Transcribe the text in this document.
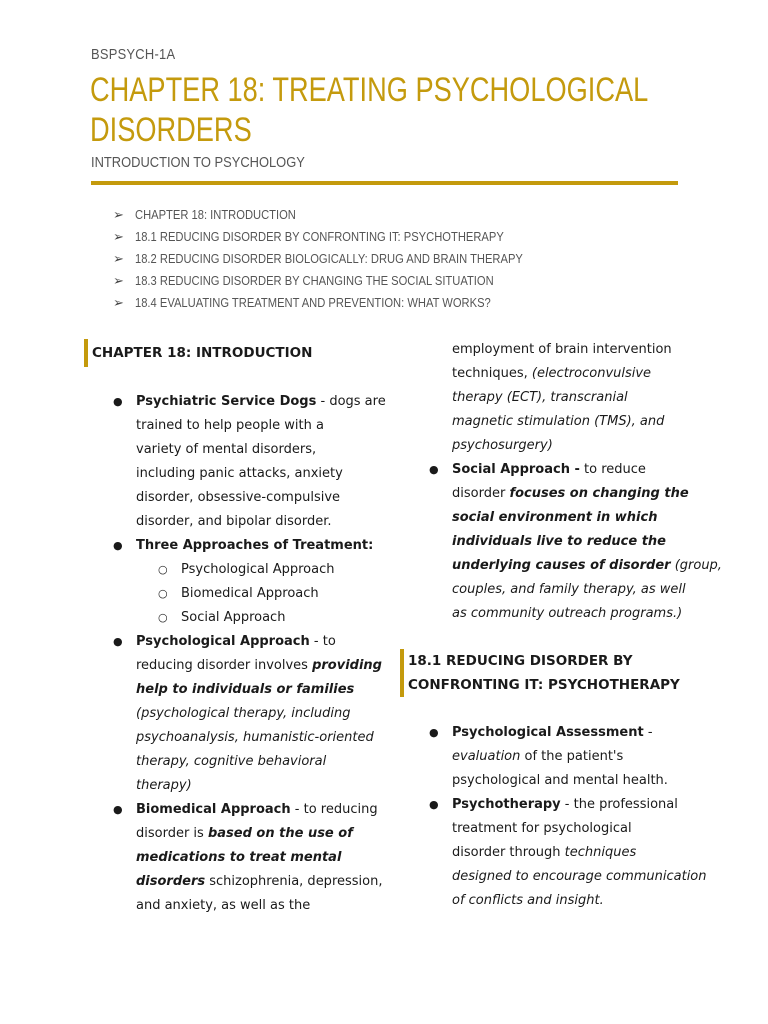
BSPSYCH-1A
CHAPTER 18: TREATING PSYCHOLOGICAL
DISORDERS
INTRODUCTION TO PSYCHOLOGY
➢ CHAPTER 18: INTRODUCTION
➢ 18.1 REDUCING DISORDER BY CONFRONTING IT: PSYCHOTHERAPY
➢ 18.2 REDUCING DISORDER BIOLOGICALLY: DRUG AND BRAIN THERAPY
➢ 18.3 REDUCING DISORDER BY CHANGING THE SOCIAL SITUATION
➢ 18.4 EVALUATING TREATMENT AND PREVENTION: WHAT WORKS?
CHAPTER 18: INTRODUCTION
● Psychiatric Service Dogs - dogs are
trained to help people with a
variety of mental disorders,
including panic attacks, anxiety
disorder, obsessive-compulsive
disorder, and bipolar disorder.
● Three Approaches of Treatment:
○ Psychological Approach
○ Biomedical Approach
○ Social Approach
● Psychological Approach - to
reducing disorder involves providing
help to individuals or families
(psychological therapy, including
psychoanalysis, humanistic-oriented
therapy, cognitive behavioral
therapy)
● Biomedical Approach - to reducing
disorder is based on the use of
medications to treat mental
disorders schizophrenia, depression,
and anxiety, as well as the
employment of brain intervention
techniques, (electroconvulsive
therapy (ECT), transcranial
magnetic stimulation (TMS), and
psychosurgery)
● Social Approach - to reduce
disorder focuses on changing the
social environment in which
individuals live to reduce the
underlying causes of disorder (group,
couples, and family therapy, as well
as community outreach programs.)
18.1 REDUCING DISORDER BY
CONFRONTING IT: PSYCHOTHERAPY
● Psychological Assessment -
evaluation of the patient's
psychological and mental health.
● Psychotherapy - the professional
treatment for psychological
disorder through techniques
designed to encourage communication
of conflicts and insight.
